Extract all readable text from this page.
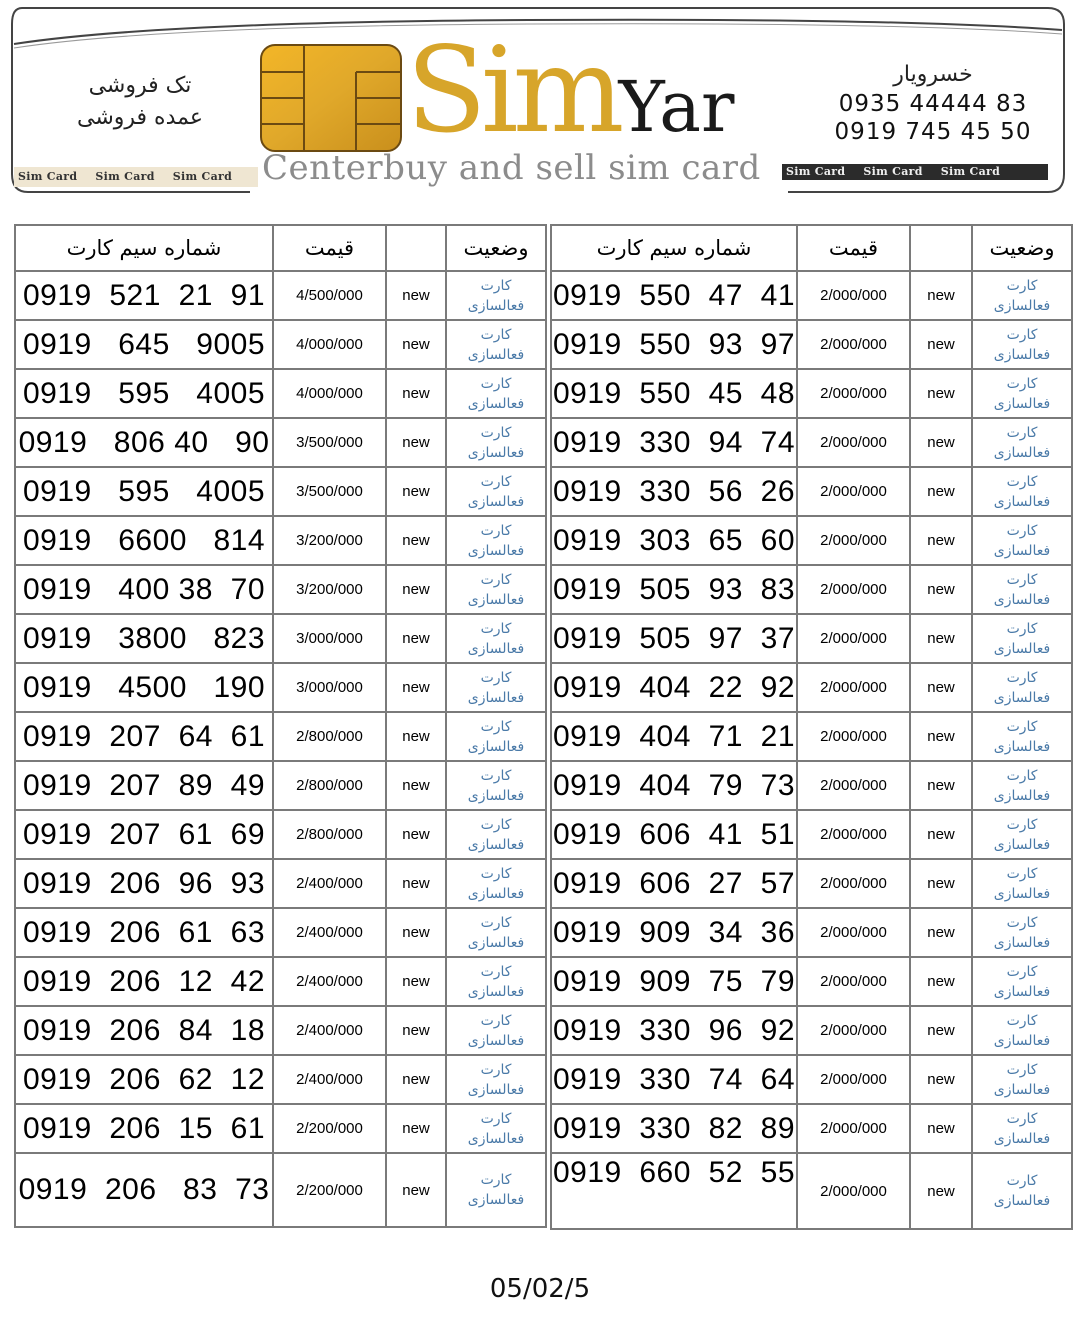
تک فروشی
عمده فروشی
Sim Card Sim Card Sim Card
SimYar
Centerbuy and sell sim card	Sim Card Sim Card Sim Card
خسرویار
0935 44444 83
0919 745 45 50
شماره سیم کارت	قیمت		وضعیت
0919  521  21  91	4/500/000	new	کارت
فعالسازی

0919   645   9005	4/000/000	new	کارت
فعالسازی

0919   595   4005	4/000/000	new	کارت
فعالسازی

0919   806 40   90	3/500/000	new	کارت
فعالسازی

0919   595   4005	3/500/000	new	کارت
فعالسازی

0919   6600   814	3/200/000	new	کارت
فعالسازی

0919   400 38  70	3/200/000	new	کارت
فعالسازی

0919   3800   823	3/000/000	new	کارت
فعالسازی

0919   4500   190	3/000/000	new	کارت
فعالسازی

0919  207  64  61	2/800/000	new	کارت
فعالسازی

0919  207  89  49	2/800/000	new	کارت
فعالسازی

0919  207  61  69	2/800/000	new	کارت
فعالسازی

0919  206  96  93	2/400/000	new	کارت
فعالسازی

0919  206  61  63	2/400/000	new	کارت
فعالسازی

0919  206  12  42	2/400/000	new	کارت
فعالسازی

0919  206  84  18	2/400/000	new	کارت
فعالسازی

0919  206  62  12	2/400/000	new	کارت
فعالسازی

0919  206  15  61	2/200/000	new	کارت
فعالسازی

0919  206   83  73	2/200/000	new	کارت
فعالسازی
شماره سیم کارت	قیمت		وضعیت
0919  550  47  41	2/000/000	new	کارت
فعالسازی

0919  550  93  97	2/000/000	new	کارت
فعالسازی

0919  550  45  48	2/000/000	new	کارت
فعالسازی

0919  330  94  74	2/000/000	new	کارت
فعالسازی

0919  330  56  26	2/000/000	new	کارت
فعالسازی

0919  303  65  60	2/000/000	new	کارت
فعالسازی

0919  505  93  83	2/000/000	new	کارت
فعالسازی

0919  505  97  37	2/000/000	new	کارت
فعالسازی

0919  404  22  92	2/000/000	new	کارت
فعالسازی

0919  404  71  21	2/000/000	new	کارت
فعالسازی

0919  404  79  73	2/000/000	new	کارت
فعالسازی

0919  606  41  51	2/000/000	new	کارت
فعالسازی

0919  606  27  57	2/000/000	new	کارت
فعالسازی

0919  909  34  36	2/000/000	new	کارت
فعالسازی

0919  909  75  79	2/000/000	new	کارت
فعالسازی

0919  330  96  92	2/000/000	new	کارت
فعالسازی

0919  330  74  64	2/000/000	new	کارت
فعالسازی

0919  330  82  89	2/000/000	new	کارت
فعالسازی

0919  660  52  55	2/000/000	new	کارت
فعالسازی
05/02/5
